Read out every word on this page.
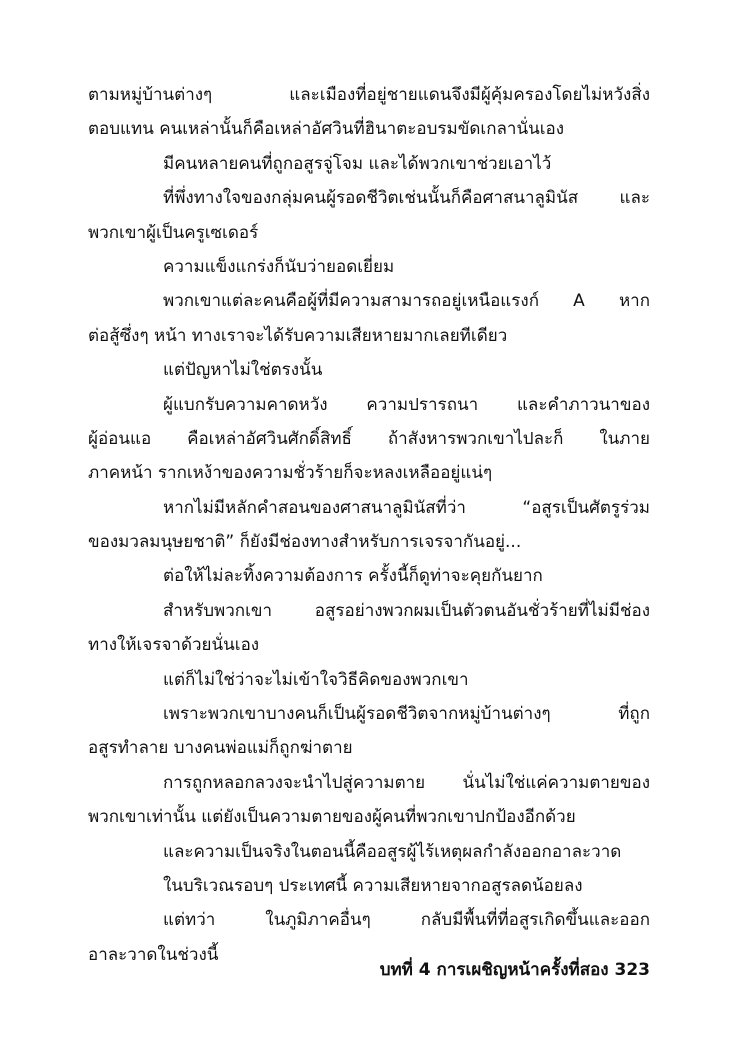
ตามหมู่บ้านต่างๆ และเมืองที่อยู่ชายแดนจึงมีผู้คุ้มครองโดยไม่หวังสิ่ง
ตอบแทน คนเหล่านั้นก็คือเหล่าอัศวินที่ฮินาตะอบรมขัดเกลานั่นเอง
มีคนหลายคนที่ถูกอสูรจู่โจม และได้พวกเขาช่วยเอาไว้
ที่พึ่งทางใจของกลุ่มคนผู้รอดชีวิตเช่นนั้นก็คือศาสนาลูมินัส และ
พวกเขาผู้เป็นครูเซเดอร์
ความแข็งแกร่งก็นับว่ายอดเยี่ยม
พวกเขาแต่ละคนคือผู้ที่มีความสามารถอยู่เหนือแรงก์ A หาก
ต่อสู้ซึ่งๆ หน้า ทางเราจะได้รับความเสียหายมากเลยทีเดียว
แต่ปัญหาไม่ใช่ตรงนั้น
ผู้แบกรับความคาดหวัง ความปรารถนา และคำภาวนาของ
ผู้อ่อนแอ คือเหล่าอัศวินศักดิ์สิทธิ์ ถ้าสังหารพวกเขาไปละก็ ในภาย
ภาคหน้า รากเหง้าของความชั่วร้ายก็จะหลงเหลืออยู่แน่ๆ
หากไม่มีหลักคำสอนของศาสนาลูมินัสที่ว่า “อสูรเป็นศัตรูร่วม
ของมวลมนุษยชาติ” ก็ยังมีช่องทางสำหรับการเจรจากันอยู่...
ต่อให้ไม่ละทิ้งความต้องการ ครั้งนี้ก็ดูท่าจะคุยกันยาก
สำหรับพวกเขา อสูรอย่างพวกผมเป็นตัวตนอันชั่วร้ายที่ไม่มีช่อง
ทางให้เจรจาด้วยนั่นเอง
แต่ก็ไม่ใช่ว่าจะไม่เข้าใจวิธีคิดของพวกเขา
เพราะพวกเขาบางคนก็เป็นผู้รอดชีวิตจากหมู่บ้านต่างๆ ที่ถูก
อสูรทำลาย บางคนพ่อแม่ก็ถูกฆ่าตาย
การถูกหลอกลวงจะนำไปสู่ความตาย นั่นไม่ใช่แค่ความตายของ
พวกเขาเท่านั้น แต่ยังเป็นความตายของผู้คนที่พวกเขาปกป้องอีกด้วย
และความเป็นจริงในตอนนี้คืออสูรผู้ไร้เหตุผลกำลังออกอาละวาด
ในบริเวณรอบๆ ประเทศนี้ ความเสียหายจากอสูรลดน้อยลง
แต่ทว่า ในภูมิภาคอื่นๆ กลับมีพื้นที่ที่อสูรเกิดขึ้นและออก
อาละวาดในช่วงนี้
บทที่ 4 การเผชิญหน้าครั้งที่สอง 323
